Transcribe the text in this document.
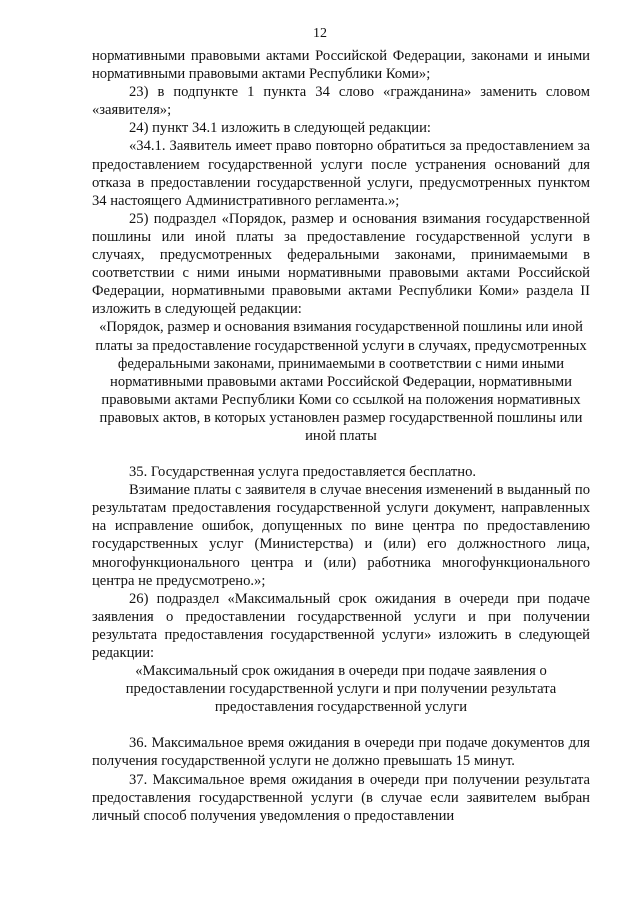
12

нормативными правовыми актами Российской Федерации, законами и иными нормативными правовыми актами Республики Коми»;

23) в подпункте 1 пункта 34 слово «гражданина» заменить словом «заявителя»;

24) пункт 34.1 изложить в следующей редакции:

«34.1. Заявитель имеет право повторно обратиться за предоставлением за предоставлением государственной услуги после устранения оснований для отказа в предоставлении государственной услуги, предусмотренных пунктом 34 настоящего Административного регламента.»;

25) подраздел «Порядок, размер и основания взимания государственной пошлины или иной платы за предоставление государственной услуги в случаях, предусмотренных федеральными законами, принимаемыми в соответствии с ними иными нормативными правовыми актами Российской Федерации, нормативными правовыми актами Республики Коми» раздела II изложить в следующей редакции:

«Порядок, размер и основания взимания государственной пошлины или иной платы за предоставление государственной услуги в случаях, предусмотренных федеральными законами, принимаемыми в соответствии с ними иными нормативными правовыми актами Российской Федерации, нормативными правовыми актами Республики Коми со ссылкой на положения нормативных правовых актов, в которых установлен размер государственной пошлины или иной платы

35. Государственная услуга предоставляется бесплатно.

Взимание платы с заявителя в случае внесения изменений в выданный по результатам предоставления государственной услуги документ, направленных на исправление ошибок, допущенных по вине центра по предоставлению государственных услуг (Министерства) и (или) его должностного лица, многофункционального центра и (или) работника многофункционального центра не предусмотрено.»;

26) подраздел «Максимальный срок ожидания в очереди при подаче заявления о предоставлении государственной услуги и при получении результата предоставления государственной услуги» изложить в следующей редакции:

«Максимальный срок ожидания в очереди при подаче заявления о предоставлении государственной услуги и при получении результата предоставления государственной услуги

36. Максимальное время ожидания в очереди при подаче документов для получения государственной услуги не должно превышать 15 минут.

37. Максимальное время ожидания в очереди при получении результата предоставления государственной услуги (в случае если заявителем выбран личный способ получения уведомления о предоставлении
